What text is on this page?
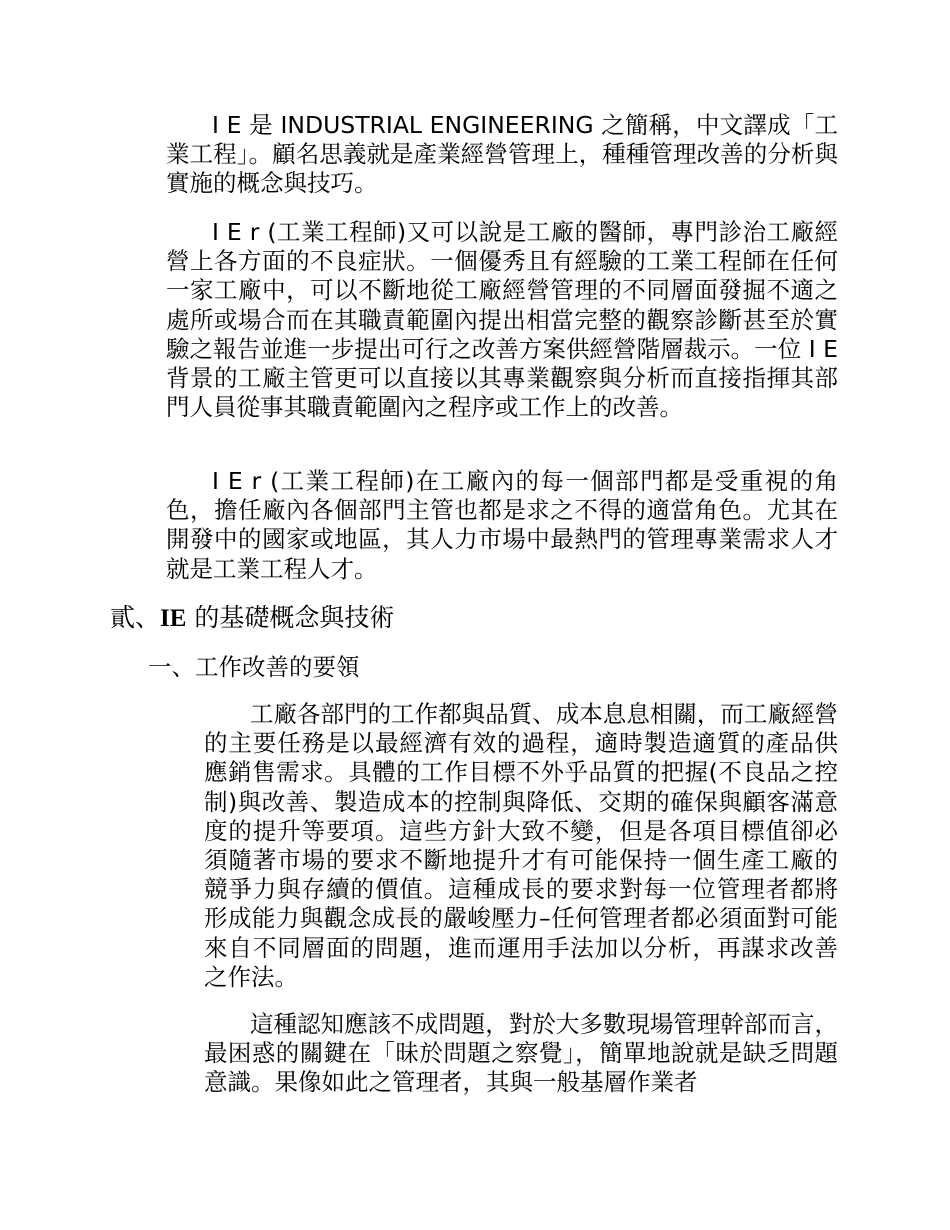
I E 是 INDUSTRIAL ENGINEERING 之簡稱，中文譯成「工業工程」。顧名思義就是產業經營管理上，種種管理改善的分析與實施的概念與技巧。

I E r (工業工程師)又可以說是工廠的醫師，專門診治工廠經營上各方面的不良症狀。一個優秀且有經驗的工業工程師在任何一家工廠中，可以不斷地從工廠經營管理的不同層面發掘不適之處所或場合而在其職責範圍內提出相當完整的觀察診斷甚至於實驗之報告並進一步提出可行之改善方案供經營階層裁示。一位 I E 背景的工廠主管更可以直接以其專業觀察與分析而直接指揮其部門人員從事其職責範圍內之程序或工作上的改善。

I E r (工業工程師)在工廠內的每一個部門都是受重視的角色，擔任廠內各個部門主管也都是求之不得的適當角色。尤其在開發中的國家或地區，其人力市場中最熱門的管理專業需求人才就是工業工程人才。

貳、IE 的基礎概念與技術
一、工作改善的要領

工廠各部門的工作都與品質、成本息息相關，而工廠經營的主要任務是以最經濟有效的過程，適時製造適質的產品供應銷售需求。具體的工作目標不外乎品質的把握(不良品之控制)與改善、製造成本的控制與降低、交期的確保與顧客滿意度的提升等要項。這些方針大致不變，但是各項目標值卻必須隨著市場的要求不斷地提升才有可能保持一個生產工廠的競爭力與存續的價值。這種成長的要求對每一位管理者都將形成能力與觀念成長的嚴峻壓力–任何管理者都必須面對可能來自不同層面的問題，進而運用手法加以分析，再謀求改善之作法。

這種認知應該不成問題，對於大多數現場管理幹部而言，最困惑的關鍵在「昧於問題之察覺」，簡單地說就是缺乏問題意識。果像如此之管理者，其與一般基層作業者
